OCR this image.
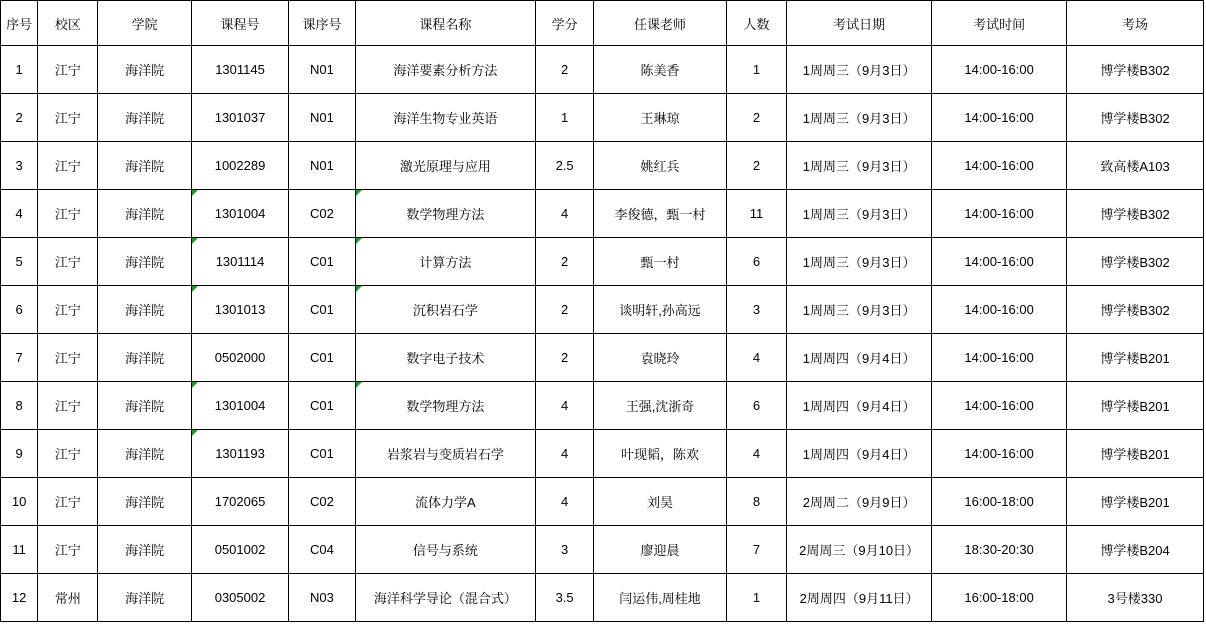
序号	校区	学院	课程号	课序号	课程名称	学分	任课老师	人数	考试日期	考试时间	考场
1	江宁	海洋院	1301145	N01	海洋要素分析方法	2	陈美香	1	1周周三（9月3日）	14:00-16:00	博学楼B302
2	江宁	海洋院	1301037	N01	海洋生物专业英语	1	王琳琼	2	1周周三（9月3日）	14:00-16:00	博学楼B302
3	江宁	海洋院	1002289	N01	激光原理与应用	2.5	姚红兵	2	1周周三（9月3日）	14:00-16:00	致高楼A103
4	江宁	海洋院	1301004	C02	数学物理方法	4	李俊德，甄一村	11	1周周三（9月3日）	14:00-16:00	博学楼B302
5	江宁	海洋院	1301114	C01	计算方法	2	甄一村	6	1周周三（9月3日）	14:00-16:00	博学楼B302
6	江宁	海洋院	1301013	C01	沉积岩石学	2	谈明轩,孙高远	3	1周周三（9月3日）	14:00-16:00	博学楼B302
7	江宁	海洋院	0502000	C01	数字电子技术	2	袁晓玲	4	1周周四（9月4日）	14:00-16:00	博学楼B201
8	江宁	海洋院	1301004	C01	数学物理方法	4	王强,沈浙奇	6	1周周四（9月4日）	14:00-16:00	博学楼B201
9	江宁	海洋院	1301193	C01	岩浆岩与变质岩石学	4	叶现韬，陈欢	4	1周周四（9月4日）	14:00-16:00	博学楼B201
10	江宁	海洋院	1702065	C02	流体力学A	4	刘昊	8	2周周二（9月9日）	16:00-18:00	博学楼B201
11	江宁	海洋院	0501002	C04	信号与系统	3	廖迎晨	7	2周周三（9月10日）	18:30-20:30	博学楼B204
12	常州	海洋院	0305002	N03	海洋科学导论（混合式）	3.5	闫运伟,周桂地	1	2周周四（9月11日）	16:00-18:00	3号楼330
